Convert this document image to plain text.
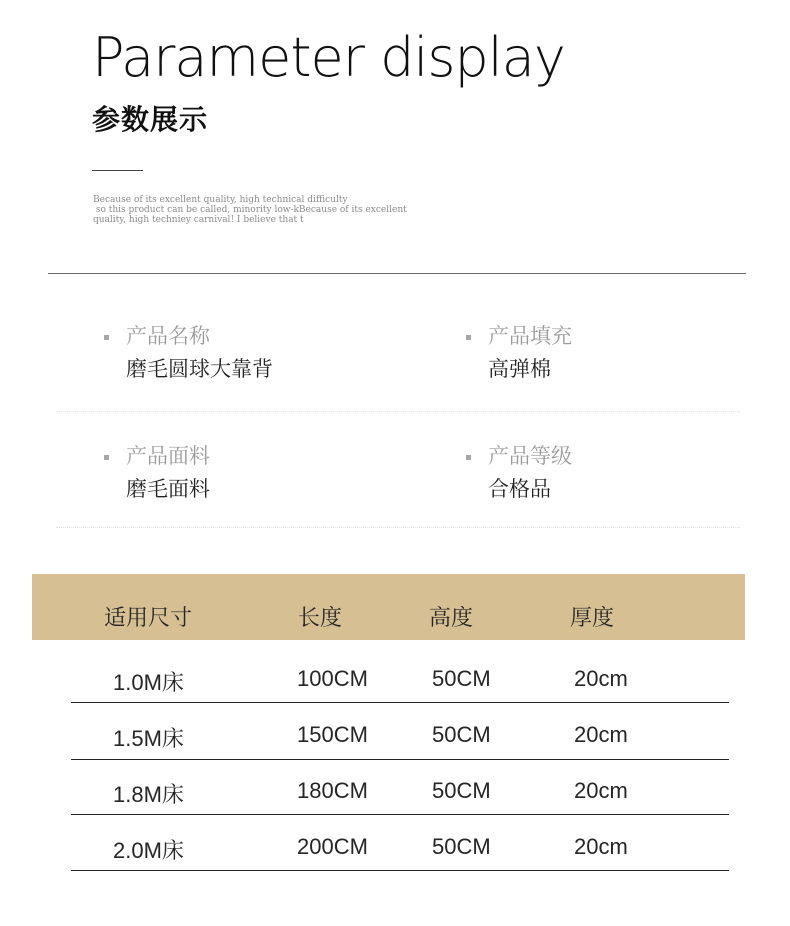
Parameter display
参数展示
Because of its excellent quality, high technical difficulty
so this product can be called, minority low-kBecause of its excellent
quality, high techniey carnival! I believe that t
产品名称
磨毛圆球大靠背
产品填充
高弹棉
产品面料
磨毛面料
产品等级
合格品
适用尺寸	长度	高度	厚度
1.0M床	100CM	50CM	20cm
1.5M床	150CM	50CM	20cm
1.8M床	180CM	50CM	20cm
2.0M床	200CM	50CM	20cm
